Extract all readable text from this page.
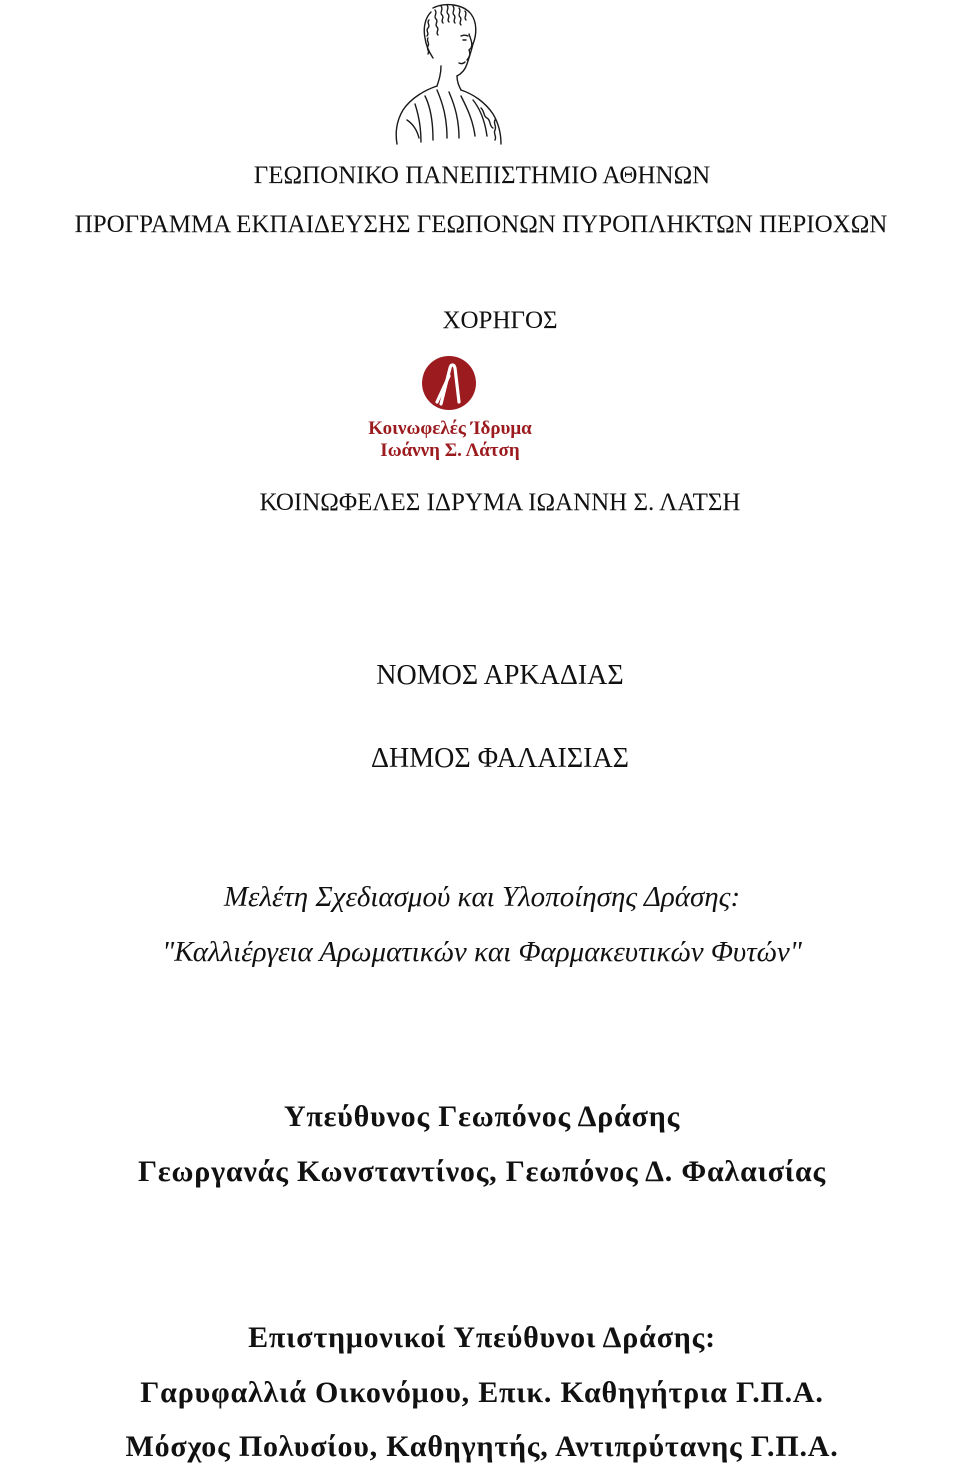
ΓΕΩΠΟΝΙΚΟ ΠΑΝΕΠΙΣΤΗΜΙΟ ΑΘΗΝΩΝ
ΠΡΟΓΡΑΜΜΑ ΕΚΠΑΙΔΕΥΣΗΣ ΓΕΩΠΟΝΩΝ ΠΥΡΟΠΛΗΚΤΩΝ ΠΕΡΙΟΧΩΝ
ΧΟΡΗΓΟΣ
Κοινωφελές Ίδρυμα
Ιωάννη Σ. Λάτση
ΚΟΙΝΩΦΕΛΕΣ ΙΔΡΥΜΑ ΙΩΑΝΝΗ Σ. ΛΑΤΣΗ
ΝΟΜΟΣ ΑΡΚΑΔΙΑΣ
ΔΗΜΟΣ ΦΑΛΑΙΣΙΑΣ
Μελέτη Σχεδιασμού και Υλοποίησης Δράσης:
"Καλλιέργεια Αρωματικών και Φαρμακευτικών Φυτών"
Υπεύθυνος Γεωπόνος Δράσης
Γεωργανάς Κωνσταντίνος, Γεωπόνος Δ. Φαλαισίας
Επιστημονικοί Υπεύθυνοι Δράσης:
Γαρυφαλλιά Οικονόμου, Επικ. Καθηγήτρια Γ.Π.Α.
Μόσχος Πολυσίου, Καθηγητής, Αντιπρύτανης Γ.Π.Α.
